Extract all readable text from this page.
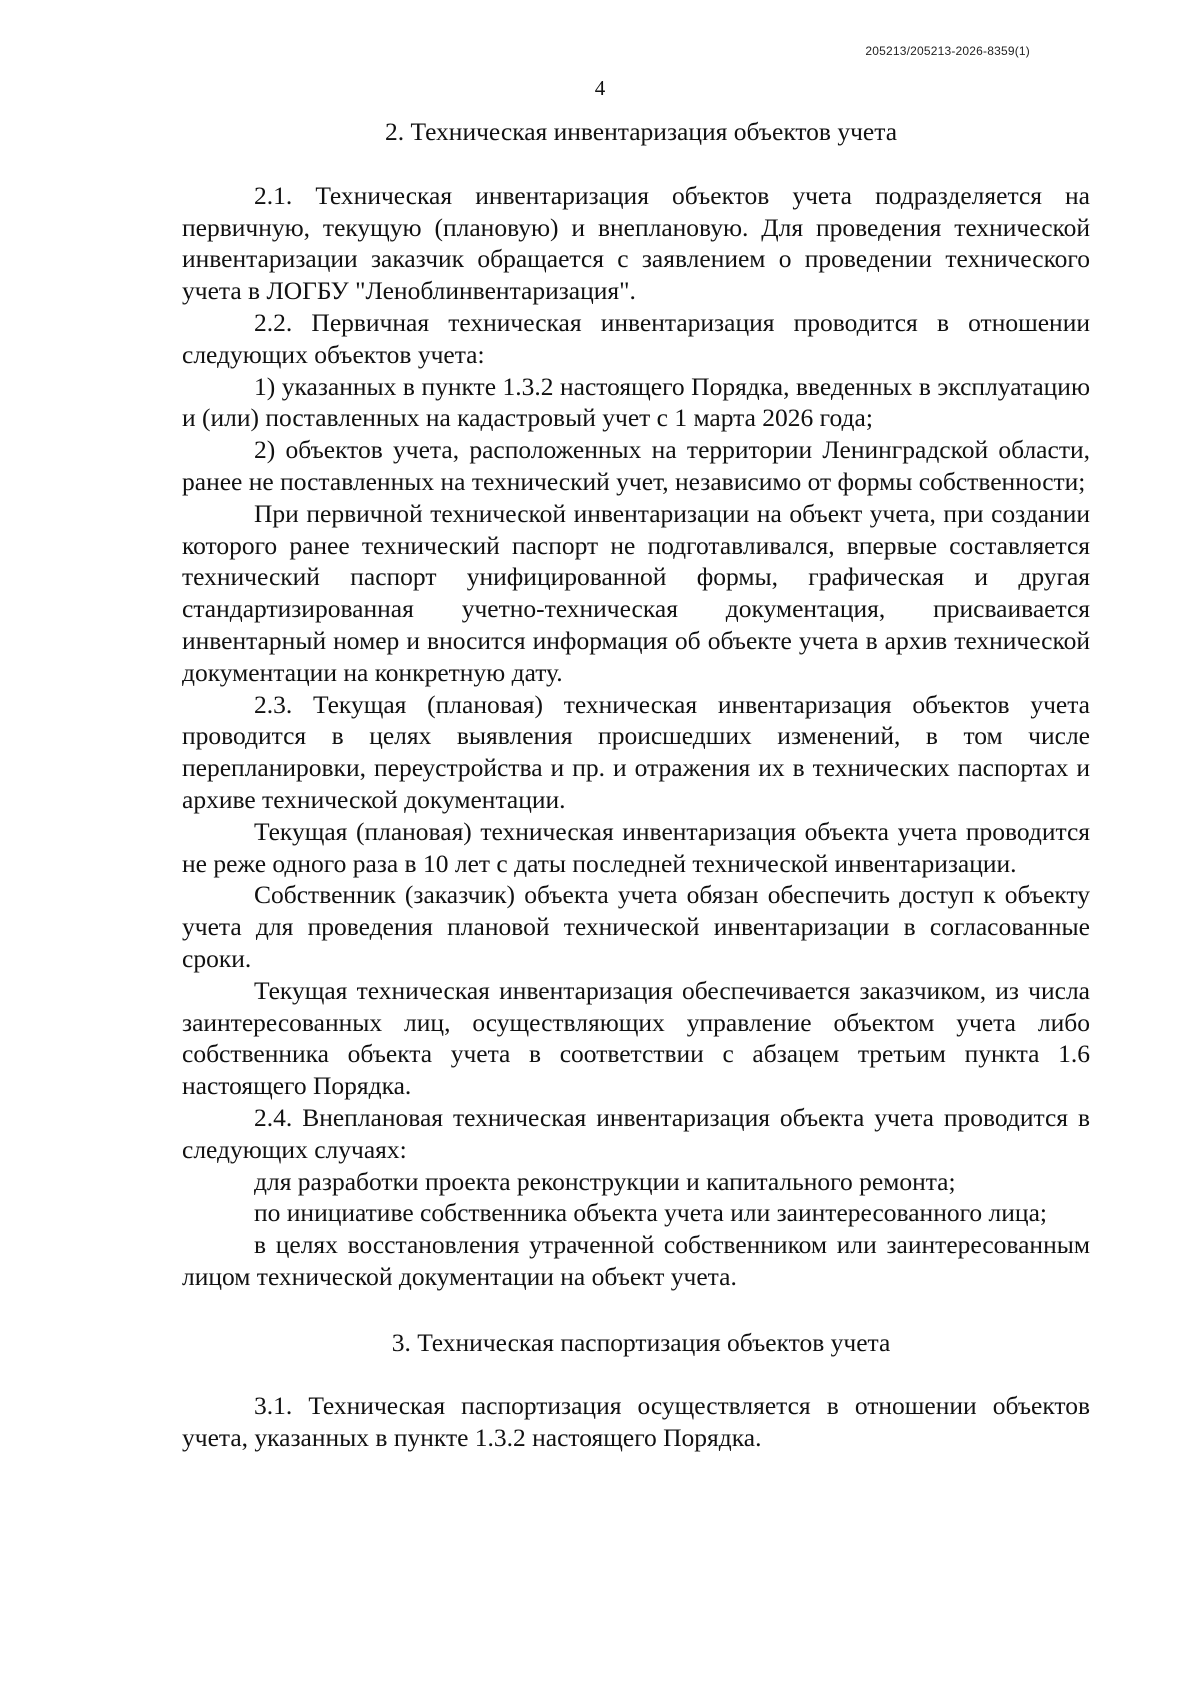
205213/205213-2026-8359(1)
4
2. Техническая инвентаризация объектов учета

2.1. Техническая инвентаризация объектов учета подразделяется на первичную, текущую (плановую) и внеплановую. Для проведения технической инвентаризации заказчик обращается с заявлением о проведении технического учета в ЛОГБУ "Леноблинвентаризация".

2.2. Первичная техническая инвентаризация проводится в отношении следующих объектов учета:

1) указанных в пункте 1.3.2 настоящего Порядка, введенных в эксплуатацию и (или) поставленных на кадастровый учет с 1 марта 2026 года;

2) объектов учета, расположенных на территории Ленинградской области, ранее не поставленных на технический учет, независимо от формы собственности;

При первичной технической инвентаризации на объект учета, при создании которого ранее технический паспорт не подготавливался, впервые составляется технический паспорт унифицированной формы, графическая и другая стандартизированная учетно-техническая документация, присваивается инвентарный номер и вносится информация об объекте учета в архив технической документации на конкретную дату.

2.3. Текущая (плановая) техническая инвентаризация объектов учета проводится в целях выявления происшедших изменений, в том числе перепланировки, переустройства и пр. и отражения их в технических паспортах и архиве технической документации.

Текущая (плановая) техническая инвентаризация объекта учета проводится не реже одного раза в 10 лет с даты последней технической инвентаризации.

Собственник (заказчик) объекта учета обязан обеспечить доступ к объекту учета для проведения плановой технической инвентаризации в согласованные сроки.

Текущая техническая инвентаризация обеспечивается заказчиком, из числа заинтересованных лиц, осуществляющих управление объектом учета либо собственника объекта учета в соответствии с абзацем третьим пункта 1.6 настоящего Порядка.

2.4. Внеплановая техническая инвентаризация объекта учета проводится в следующих случаях:

для разработки проекта реконструкции и капитального ремонта;

по инициативе собственника объекта учета или заинтересованного лица;

в целях восстановления утраченной собственником или заинтересованным лицом технической документации на объект учета.

3. Техническая паспортизация объектов учета

3.1. Техническая паспортизация осуществляется в отношении объектов учета, указанных в пункте 1.3.2 настоящего Порядка.
